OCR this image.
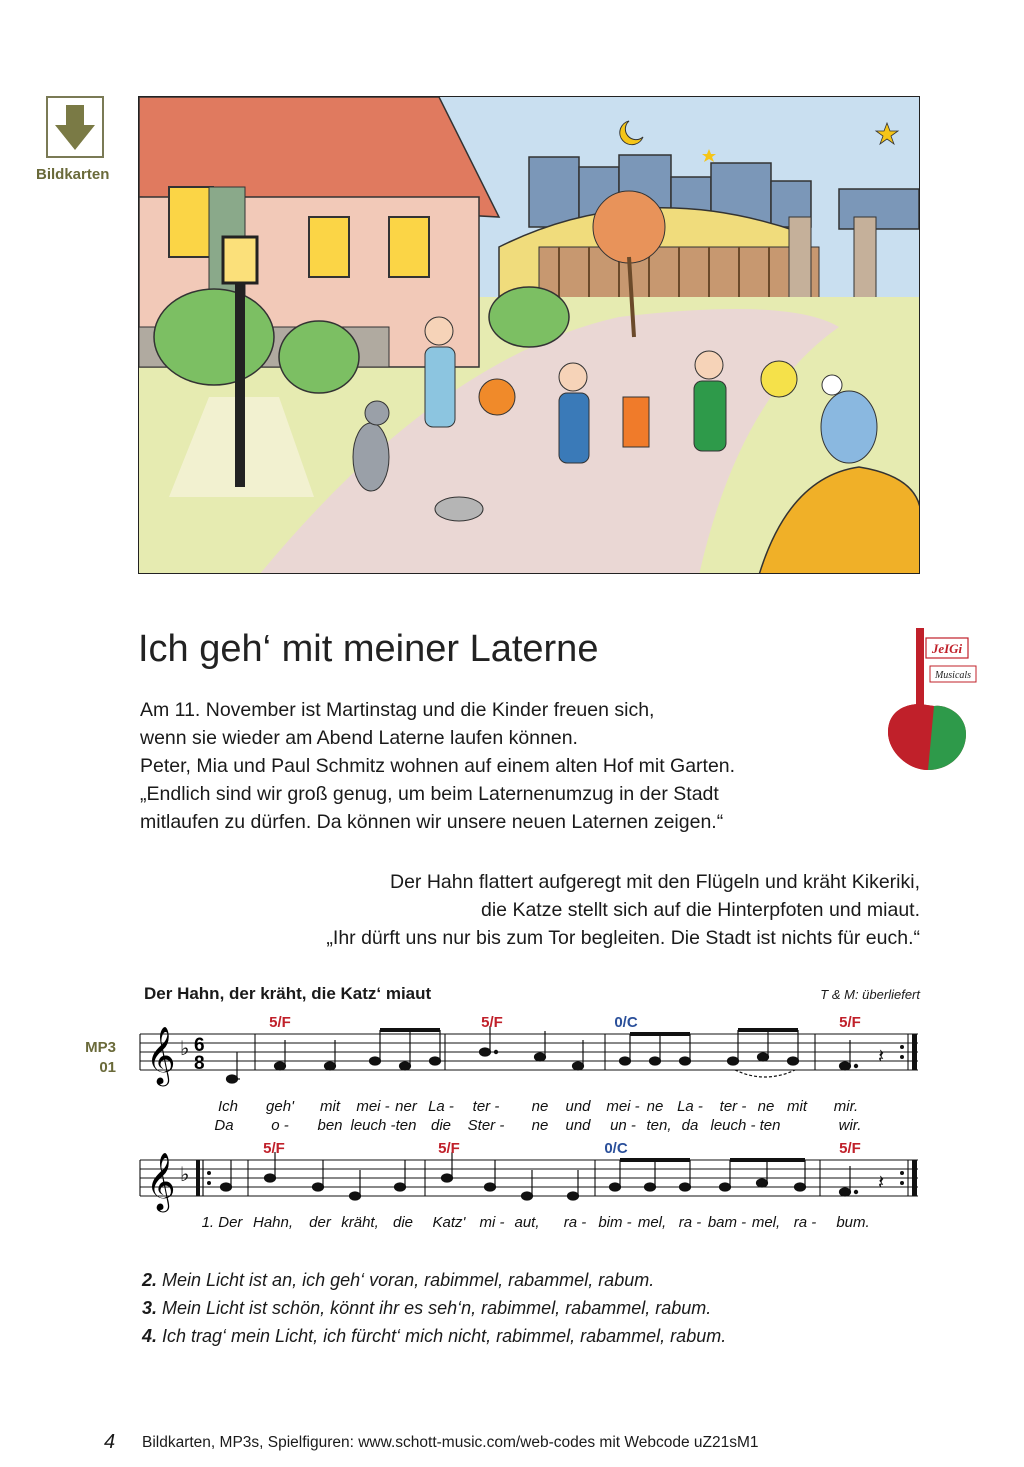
Bildkarten
Ich geh‘ mit meiner Laterne	JeIGi
Musicals
Am 11. November ist Martinstag und die Kinder freuen sich,
wenn sie wieder am Abend Laterne laufen können.
Peter, Mia und Paul Schmitz wohnen auf einem alten Hof mit Garten.
„Endlich sind wir groß genug, um beim Laternenumzug in der Stadt
mitlaufen zu dürfen. Da können wir unsere neuen Laternen zeigen.“
Der Hahn flattert aufgeregt mit den Flügeln und kräht Kikeriki,
die Katze stellt sich auf die Hinterpfoten und miaut.
„Ihr dürft uns nur bis zum Tor begleiten. Die Stadt ist nichts für euch.“
Der Hahn, der kräht, die Katz‘ miaut	T & M: überliefert
MP3
01 𝄞 ♭ 6
8	𝄽
𝄞 ♭	𝄽
5/F	5/F	0/C	5/F
5/F	5/F	0/C	5/F
Ich geh' mit mei - ner La - ter - ne und mei - ne La - ter - ne mit mir.
Da	o - ben leuch - ten die Ster - ne und un - ten, da leuch - ten	wir.
1. Der Hahn, der kräht, die Katz' mi - aut, ra - bim - mel, ra - bam - mel, ra - bum.
2. Mein Licht ist an, ich geh‘ voran, rabimmel, rabammel, rabum.
3. Mein Licht ist schön, könnt ihr es seh‘n, rabimmel, rabammel, rabum.
4. Ich trag‘ mein Licht, ich fürcht‘ mich nicht, rabimmel, rabammel, rabum.
4 Bildkarten, MP3s, Spielfiguren: www.schott-music.com/web-codes mit Webcode uZ21sM1
